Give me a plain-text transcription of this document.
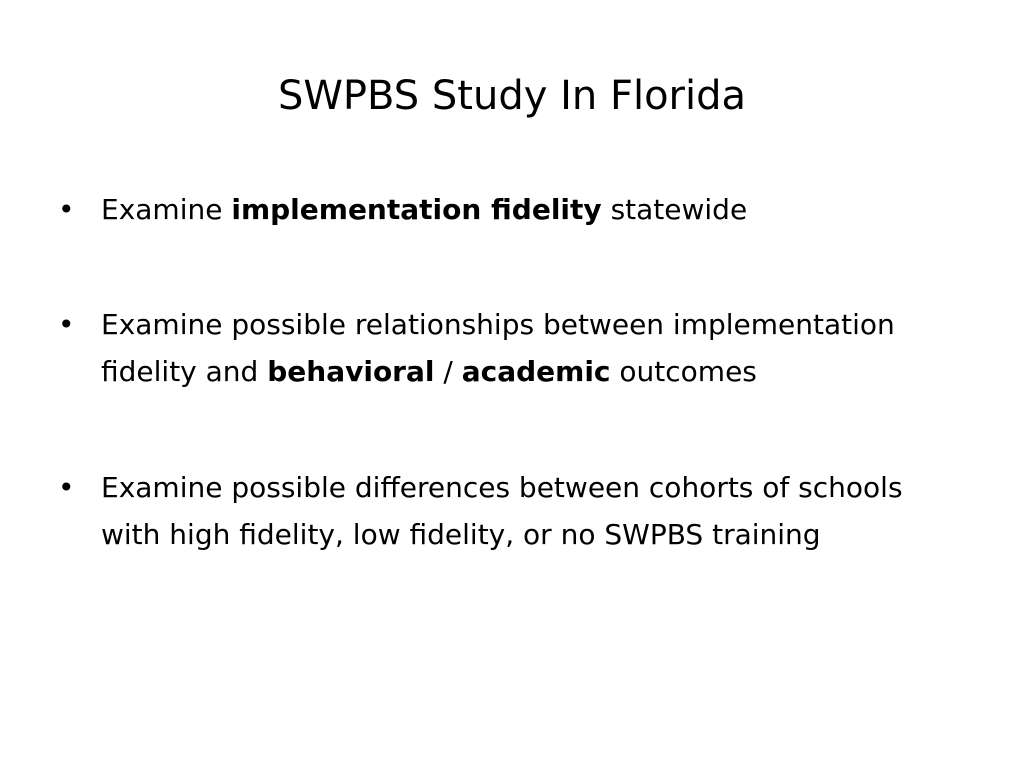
SWPBS Study In Florida
• Examine implementation fidelity statewide
• Examine possible relationships between implementation fidelity and behavioral / academic outcomes
• Examine possible differences between cohorts of schools with high fidelity, low fidelity, or no SWPBS training
